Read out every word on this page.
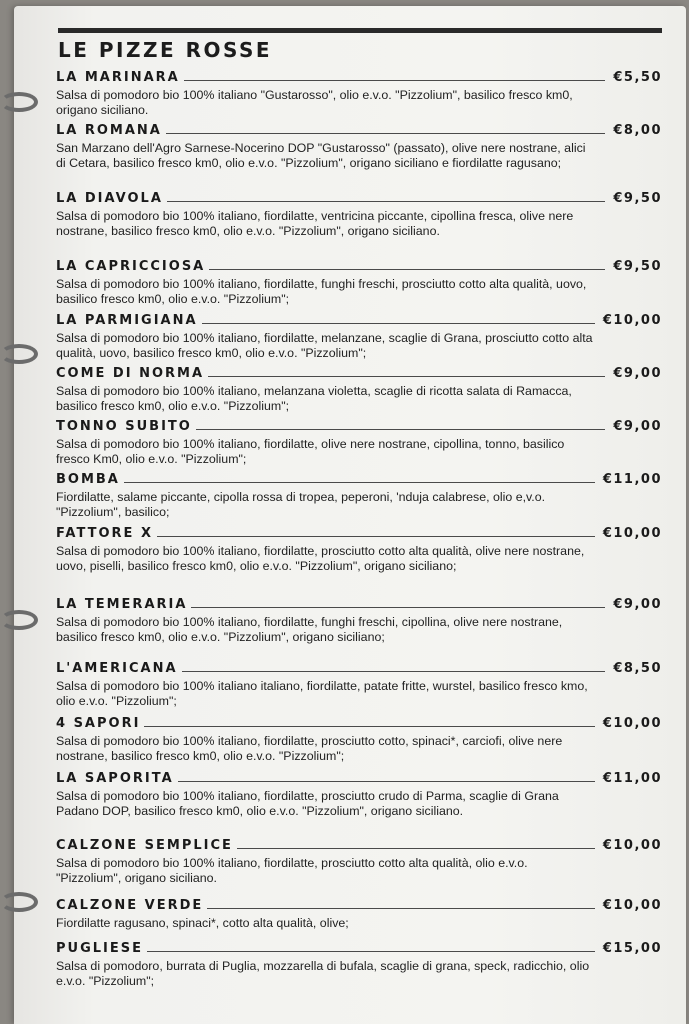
LE PIZZE ROSSE
LA MARINARA	€5,50
Salsa di pomodoro bio 100% italiano "Gustarosso", olio e.v.o. "Pizzolium", basilico fresco km0, origano siciliano.
LA ROMANA	€8,00
San Marzano dell'Agro Sarnese-Nocerino DOP "Gustarosso" (passato), olive nere nostrane, alici di Cetara, basilico fresco km0, olio e.v.o. "Pizzolium", origano siciliano e fiordilatte ragusano;
LA DIAVOLA	€9,50
Salsa di pomodoro bio 100% italiano, fiordilatte, ventricina piccante, cipollina fresca, olive nere nostrane, basilico fresco km0, olio e.v.o. "Pizzolium", origano siciliano.
LA CAPRICCIOSA	€9,50
Salsa di pomodoro bio 100% italiano, fiordilatte, funghi freschi, prosciutto cotto alta qualità, uovo, basilico fresco km0, olio e.v.o. "Pizzolium";
LA PARMIGIANA	€10,00
Salsa di pomodoro bio 100% italiano, fiordilatte, melanzane, scaglie di Grana, prosciutto cotto alta qualità, uovo, basilico fresco km0, olio e.v.o. "Pizzolium";
COME DI NORMA	€9,00
Salsa di pomodoro bio 100% italiano, melanzana violetta, scaglie di ricotta salata di Ramacca, basilico fresco km0, olio e.v.o. "Pizzolium";
TONNO SUBITO	€9,00
Salsa di pomodoro bio 100% italiano, fiordilatte, olive nere nostrane, cipollina, tonno, basilico fresco Km0, olio e.v.o. "Pizzolium";
BOMBA	€11,00
Fiordilatte, salame piccante, cipolla rossa di tropea, peperoni, 'nduja calabrese, olio e,v.o. "Pizzolium", basilico;
FATTORE X	€10,00
Salsa di pomodoro bio 100% italiano, fiordilatte, prosciutto cotto alta qualità, olive nere nostrane, uovo, piselli, basilico fresco km0, olio e.v.o. "Pizzolium", origano siciliano;
LA TEMERARIA	€9,00
Salsa di pomodoro bio 100% italiano, fiordilatte, funghi freschi, cipollina, olive nere nostrane, basilico fresco km0, olio e.v.o. "Pizzolium", origano siciliano;
L'AMERICANA	€8,50
Salsa di pomodoro bio 100% italiano italiano, fiordilatte, patate fritte, wurstel, basilico fresco kmo, olio e.v.o. "Pizzolium";
4 SAPORI	€10,00
Salsa di pomodoro bio 100% italiano, fiordilatte, prosciutto cotto, spinaci*, carciofi, olive nere nostrane, basilico fresco km0, olio e.v.o. "Pizzolium";
LA SAPORITA	€11,00
Salsa di pomodoro bio 100% italiano, fiordilatte, prosciutto crudo di Parma, scaglie di Grana Padano DOP, basilico fresco km0, olio e.v.o. "Pizzolium", origano siciliano.
CALZONE SEMPLICE	€10,00
Salsa di pomodoro bio 100% italiano, fiordilatte, prosciutto cotto alta qualità, olio e.v.o. "Pizzolium", origano siciliano.
CALZONE VERDE	€10,00
Fiordilatte ragusano, spinaci*, cotto alta qualità, olive;
PUGLIESE	€15,00
Salsa di pomodoro, burrata di Puglia, mozzarella di bufala, scaglie di grana, speck, radicchio, olio e.v.o. "Pizzolium";
